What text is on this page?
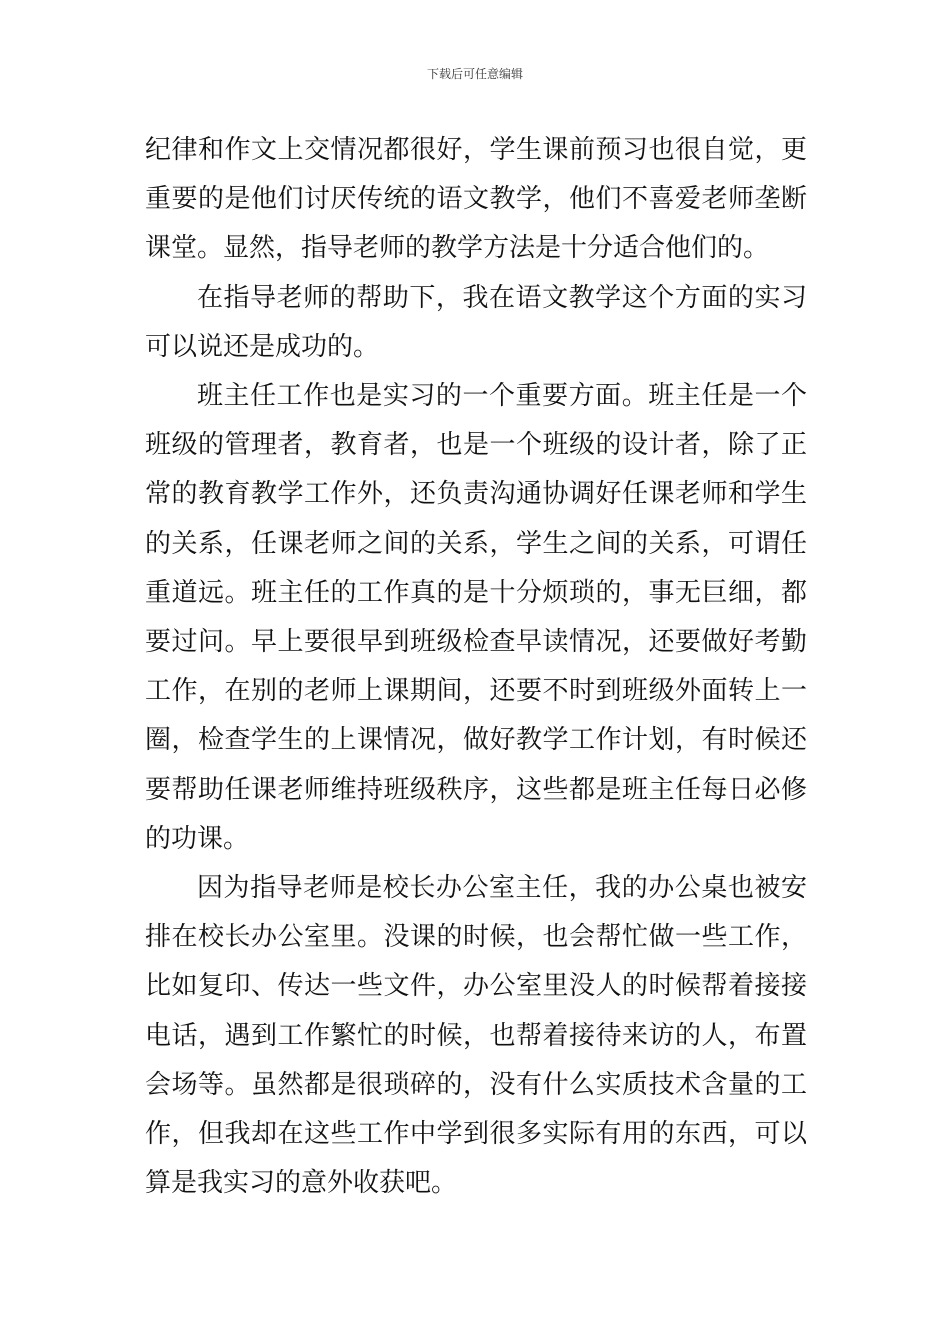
下载后可任意编辑

纪律和作文上交情况都很好，学生课前预习也很自觉，更重要的是他们讨厌传统的语文教学，他们不喜爱老师垄断课堂。显然，指导老师的教学方法是十分适合他们的。

在指导老师的帮助下，我在语文教学这个方面的实习可以说还是成功的。

班主任工作也是实习的一个重要方面。班主任是一个班级的管理者，教育者，也是一个班级的设计者，除了正常的教育教学工作外，还负责沟通协调好任课老师和学生的关系，任课老师之间的关系，学生之间的关系，可谓任重道远。班主任的工作真的是十分烦琐的，事无巨细，都要过问。早上要很早到班级检查早读情况，还要做好考勤工作，在别的老师上课期间，还要不时到班级外面转上一圈，检查学生的上课情况，做好教学工作计划，有时候还要帮助任课老师维持班级秩序，这些都是班主任每日必修的功课。

因为指导老师是校长办公室主任，我的办公桌也被安排在校长办公室里。没课的时候，也会帮忙做一些工作，比如复印、传达一些文件，办公室里没人的时候帮着接接电话，遇到工作繁忙的时候，也帮着接待来访的人，布置会场等。虽然都是很琐碎的，没有什么实质技术含量的工作，但我却在这些工作中学到很多实际有用的东西，可以算是我实习的意外收获吧。
